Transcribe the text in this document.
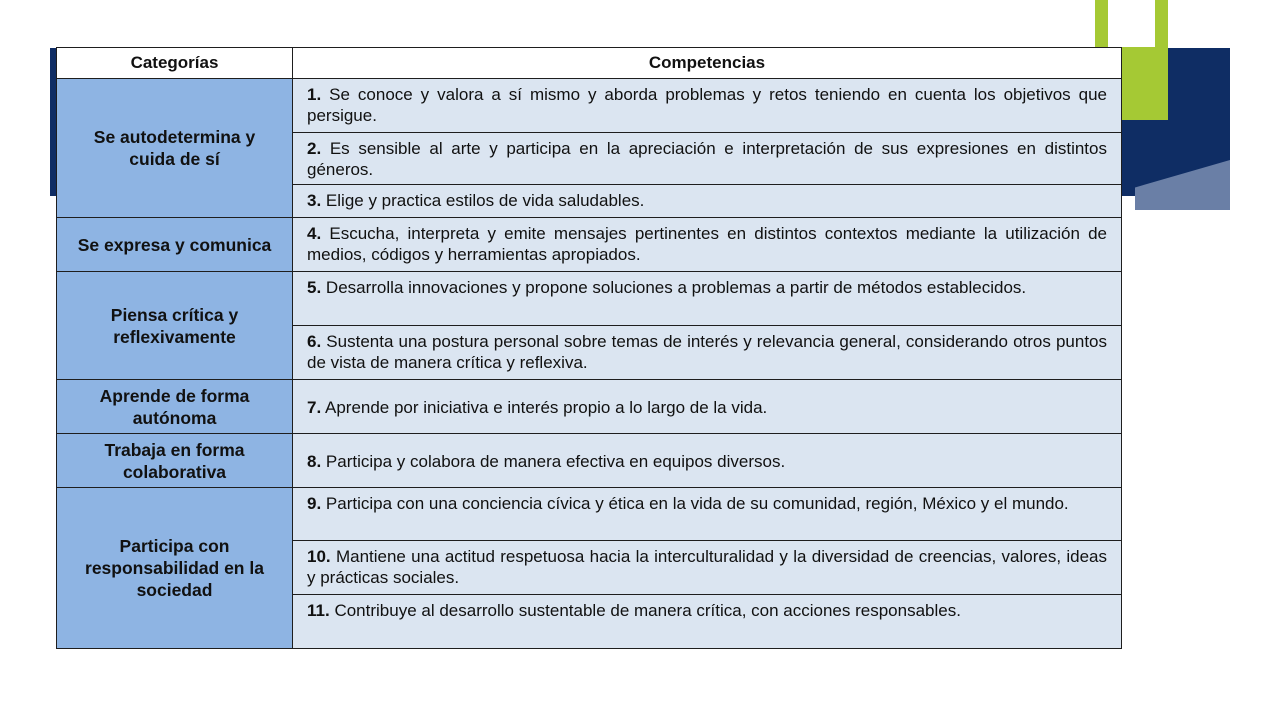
Categorías	Competencias
Se autodetermina y cuida de sí	1. Se conoce y valora a sí mismo y aborda problemas y retos teniendo en cuenta los objetivos que persigue.
	2. Es sensible al arte y participa en la apreciación e interpretación de sus expresiones en distintos géneros.
	3. Elige y practica estilos de vida saludables.
Se expresa y comunica	4. Escucha, interpreta y emite mensajes pertinentes en distintos contextos mediante la utilización de medios, códigos y herramientas apropiados.
Piensa crítica y reflexivamente	5. Desarrolla innovaciones y propone soluciones a problemas a partir de métodos establecidos.
	6. Sustenta una postura personal sobre temas de interés y relevancia general, considerando otros puntos de vista de manera crítica y reflexiva.
Aprende de forma autónoma	7. Aprende por iniciativa e interés propio a lo largo de la vida.
Trabaja en forma colaborativa	8. Participa y colabora de manera efectiva en equipos diversos.
Participa con responsabilidad en la sociedad	9. Participa con una conciencia cívica y ética en la vida de su comunidad, región, México y el mundo.
	10. Mantiene una actitud respetuosa hacia la interculturalidad y la diversidad de creencias, valores, ideas y prácticas sociales.
	11. Contribuye al desarrollo sustentable de manera crítica, con acciones responsables.
